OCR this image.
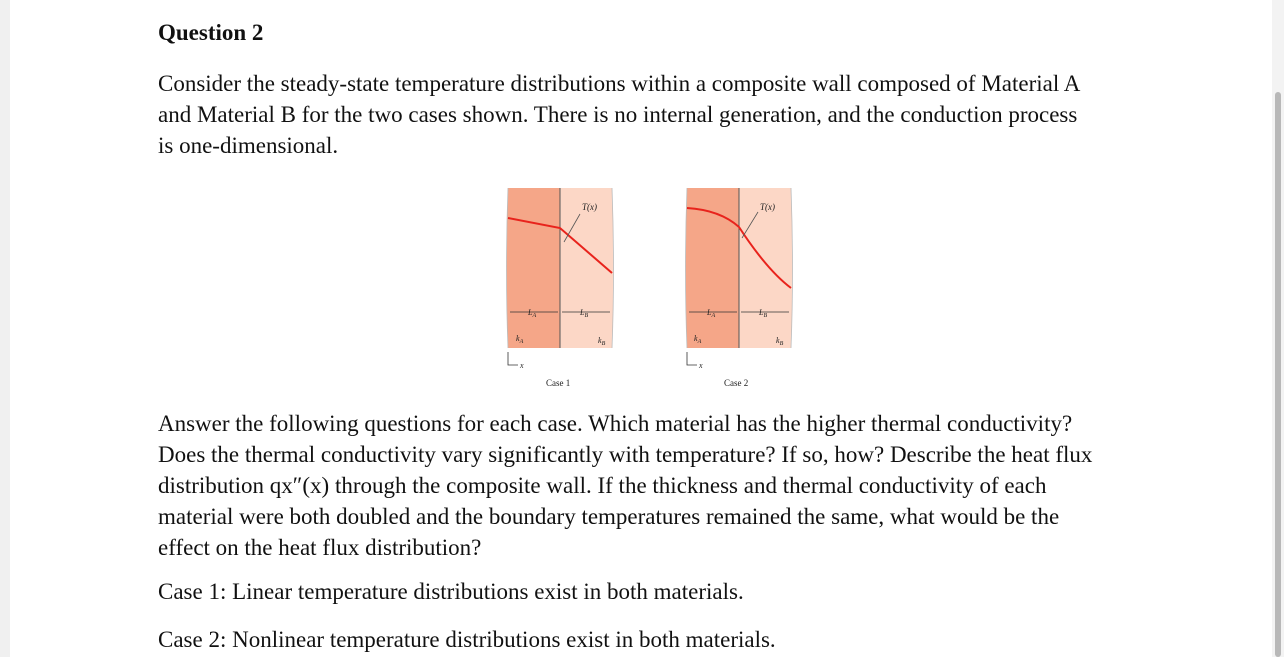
Question 2

Consider the steady-state temperature distributions within a composite wall composed of Material A and Material B for the two cases shown. There is no internal generation, and the conduction process is one-dimensional.

T(x)
$L_A$	$L_B$
$k_A$	$k_B$
x
Case 1
T(x)
$L_A$	$L_B$
$k_A$	$k_B$
x
Case 2

Answer the following questions for each case. Which material has the higher thermal conductivity? Does the thermal conductivity vary significantly with temperature? If so, how? Describe the heat flux distribution qx″(x) through the composite wall. If the thickness and thermal conductivity of each material were both doubled and the boundary temperatures remained the same, what would be the effect on the heat flux distribution?

Case 1: Linear temperature distributions exist in both materials.

Case 2: Nonlinear temperature distributions exist in both materials.
